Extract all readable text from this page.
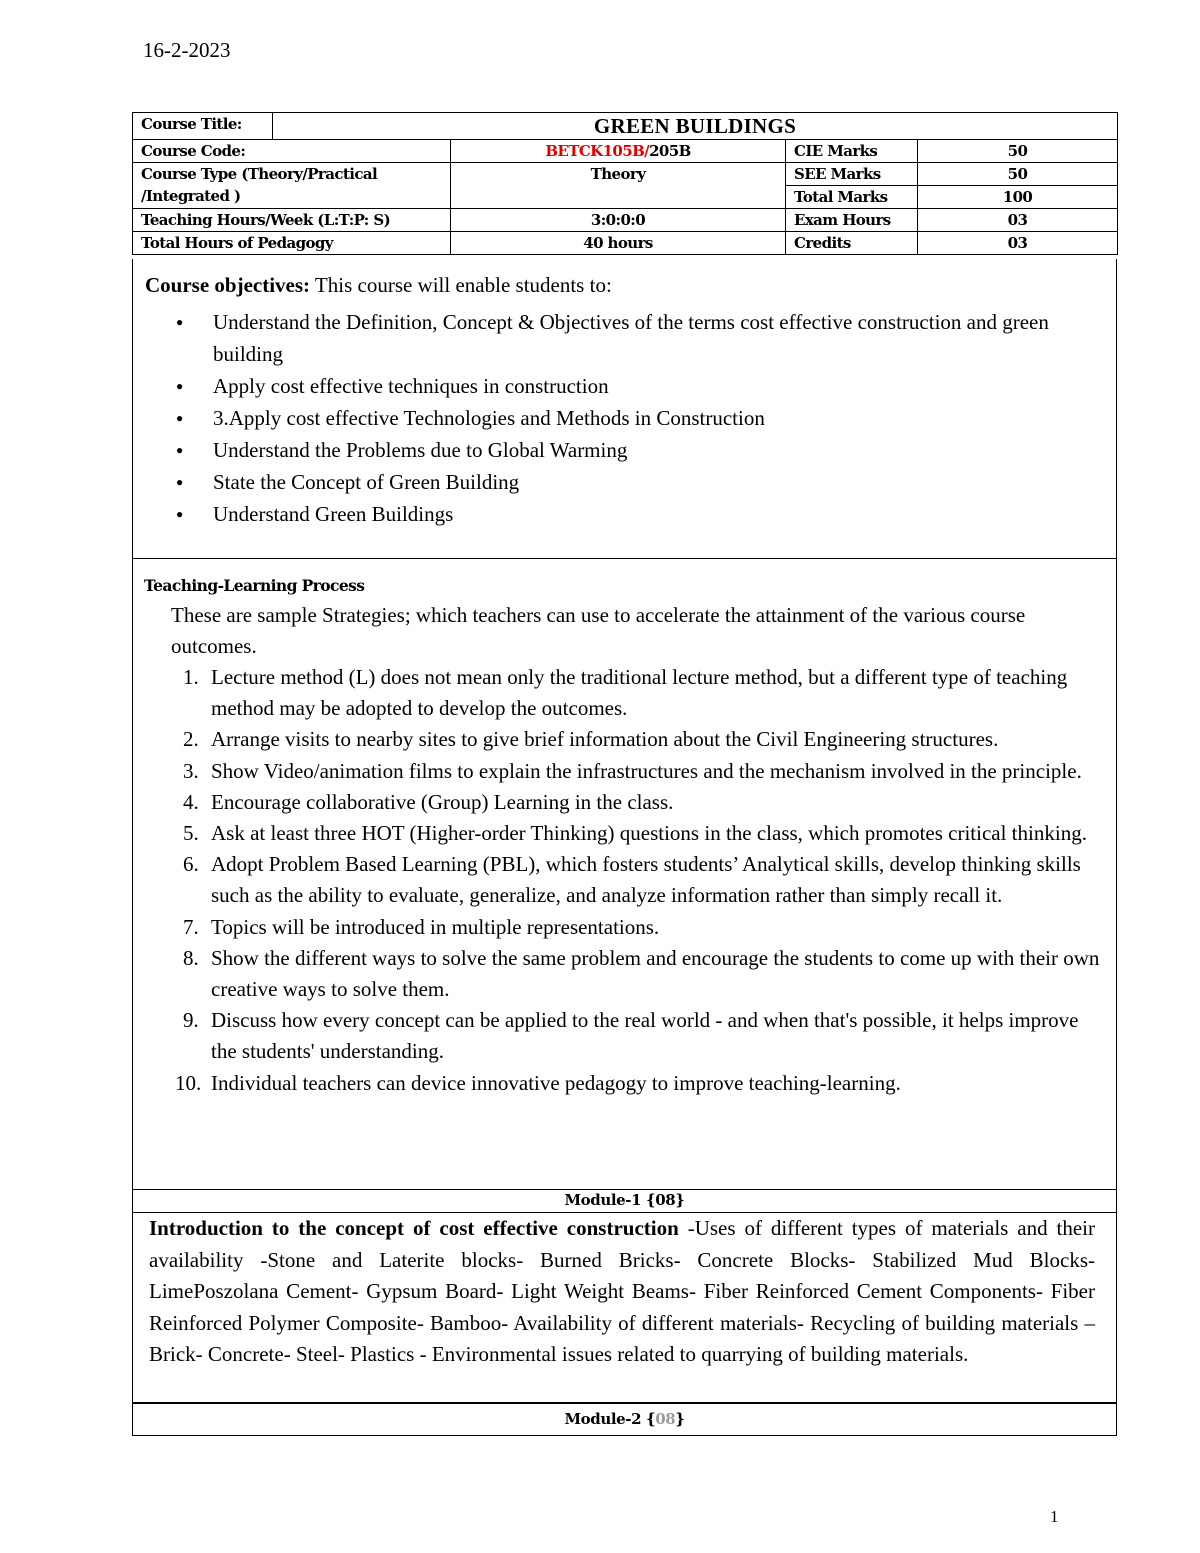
16-2-2023
Course Title:	GREEN BUILDINGS			
Course Code:		BETCK105B/205B	CIE Marks	50
Course Type (Theory/Practical /Integrated )		Theory	SEE Marks	50
			Total Marks	100
Teaching Hours/Week (L:T:P: S)		3:0:0:0	Exam Hours	03
Total Hours of Pedagogy		40 hours	Credits	03
Course objectives: This course will enable students to:
● Understand the Definition, Concept & Objectives of the terms cost effective construction and green building
● Apply cost effective techniques in construction
● 3.Apply cost effective Technologies and Methods in Construction
● Understand the Problems due to Global Warming
● State the Concept of Green Building
● Understand Green Buildings
Teaching-Learning Process
These are sample Strategies; which teachers can use to accelerate the attainment of the various course outcomes.
1. Lecture method (L) does not mean only the traditional lecture method, but a different type of teaching method may be adopted to develop the outcomes.
2. Arrange visits to nearby sites to give brief information about the Civil Engineering structures.
3. Show Video/animation films to explain the infrastructures and the mechanism involved in the principle.
4. Encourage collaborative (Group) Learning in the class.
5. Ask at least three HOT (Higher-order Thinking) questions in the class, which promotes critical thinking.
6. Adopt Problem Based Learning (PBL), which fosters students’ Analytical skills, develop thinking skills such as the ability to evaluate, generalize, and analyze information rather than simply recall it.
7. Topics will be introduced in multiple representations.
8. Show the different ways to solve the same problem and encourage the students to come up with their own creative ways to solve them.
9. Discuss how every concept can be applied to the real world - and when that's possible, it helps improve the students' understanding.
10. Individual teachers can device innovative pedagogy to improve teaching-learning.
Module-1 {08}
Introduction to the concept of cost effective construction -Uses of different types of materials and their availability -Stone and Laterite blocks- Burned Bricks- Concrete Blocks- Stabilized Mud Blocks- LimePoszolana Cement- Gypsum Board- Light Weight Beams- Fiber Reinforced Cement Components- Fiber Reinforced Polymer Composite- Bamboo- Availability of different materials- Recycling of building materials – Brick- Concrete- Steel- Plastics - Environmental issues related to quarrying of building materials.
Module-2 {08}
1
